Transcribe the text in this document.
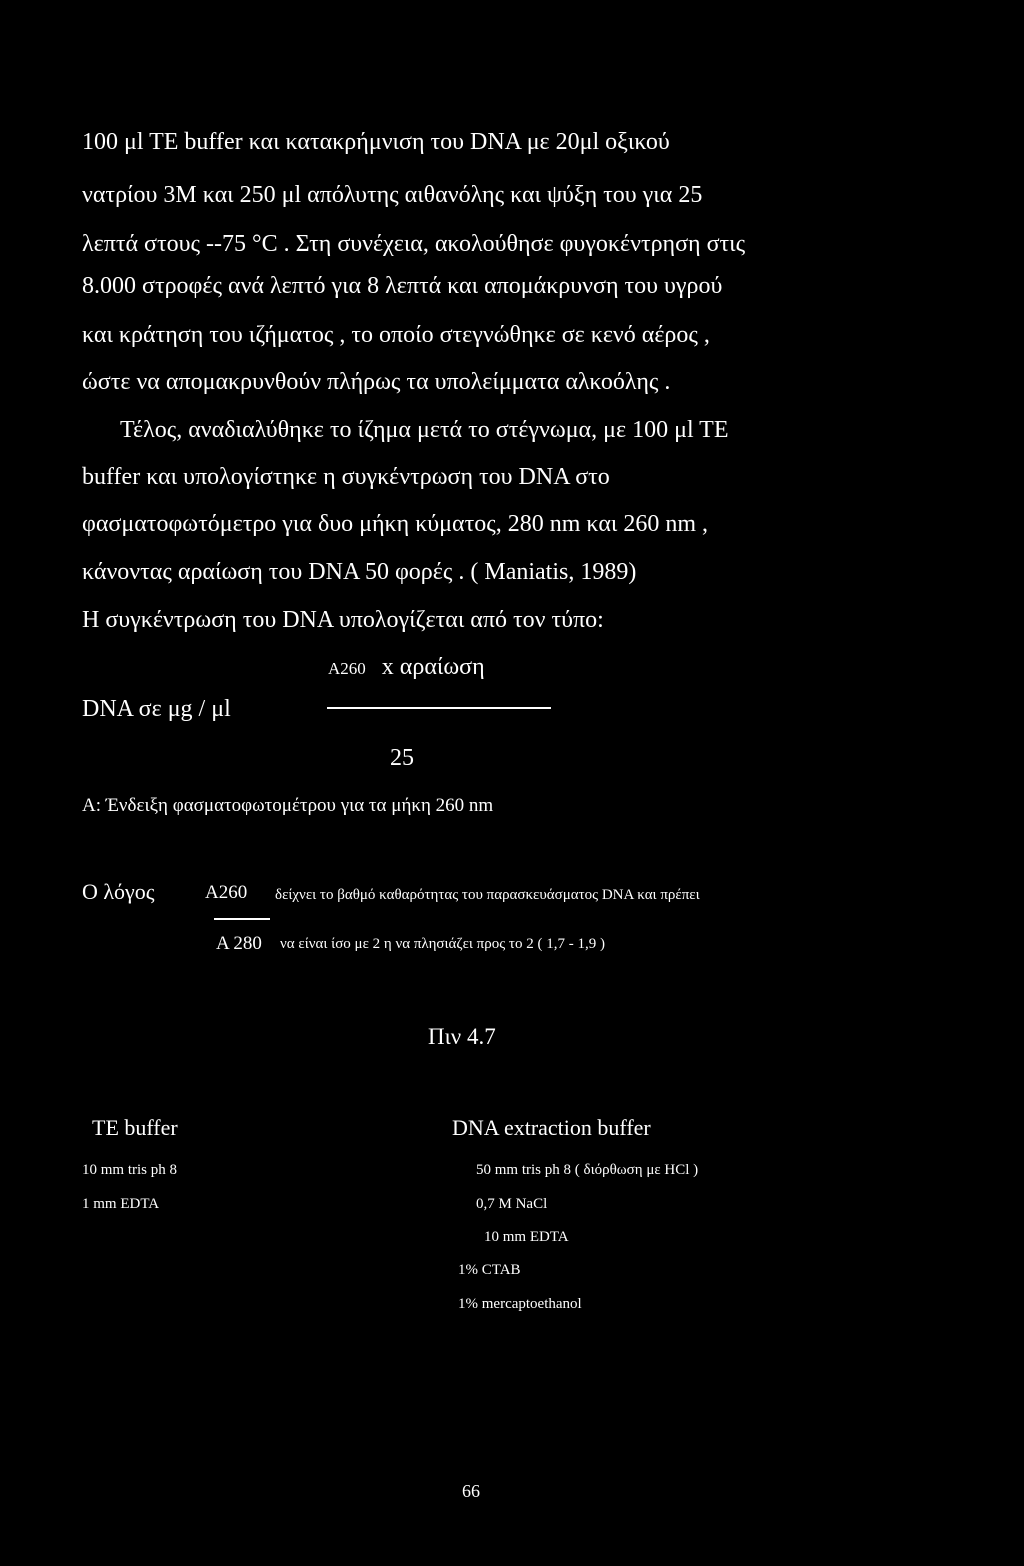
100 μl TE buffer και κατακρήμνιση του DNA με 20μl οξικού
νατρίου 3M και 250 μl απόλυτης αιθανόλης και ψύξη του για 25
λεπτά στους --75 °C . Στη συνέχεια, ακολούθησε φυγοκέντρηση στις
8.000 στροφές ανά λεπτό για 8 λεπτά και απομάκρυνση του υγρού
και κράτηση του ιζήματος , το οποίο στεγνώθηκε σε κενό αέρος ,
ώστε να απομακρυνθούν πλήρως τα υπολείμματα αλκοόλης .
Τέλος, αναδιαλύθηκε το ίζημα μετά το στέγνωμα, με 100 μl TE
buffer και υπολογίστηκε η συγκέντρωση του DNA στο
φασματοφωτόμετρο για δυο μήκη κύματος, 280 nm και 260 nm ,
κάνοντας αραίωση του DNA 50 φορές . ( Maniatis, 1989)
Η συγκέντρωση του DNA υπολογίζεται από τον τύπο:
A260 x αραίωση
DNA σε μg / μl
25
Α: Ένδειξη φασματοφωτομέτρου για τα μήκη 260 nm
Ο λόγος	A260 δείχνει το βαθμό καθαρότητας του παρασκευάσματος DNA και πρέπει
A 280 να είναι ίσο με 2 η να πλησιάζει προς το 2 ( 1,7 - 1,9 )
Πιν 4.7
TE buffer
10 mm tris ph 8
1 mm EDTA
DNA extraction buffer
50 mm tris ph 8 ( διόρθωση με HCl )
0,7 M NaCl
10 mm EDTA
1% CTAB
1% mercaptoethanol
66
